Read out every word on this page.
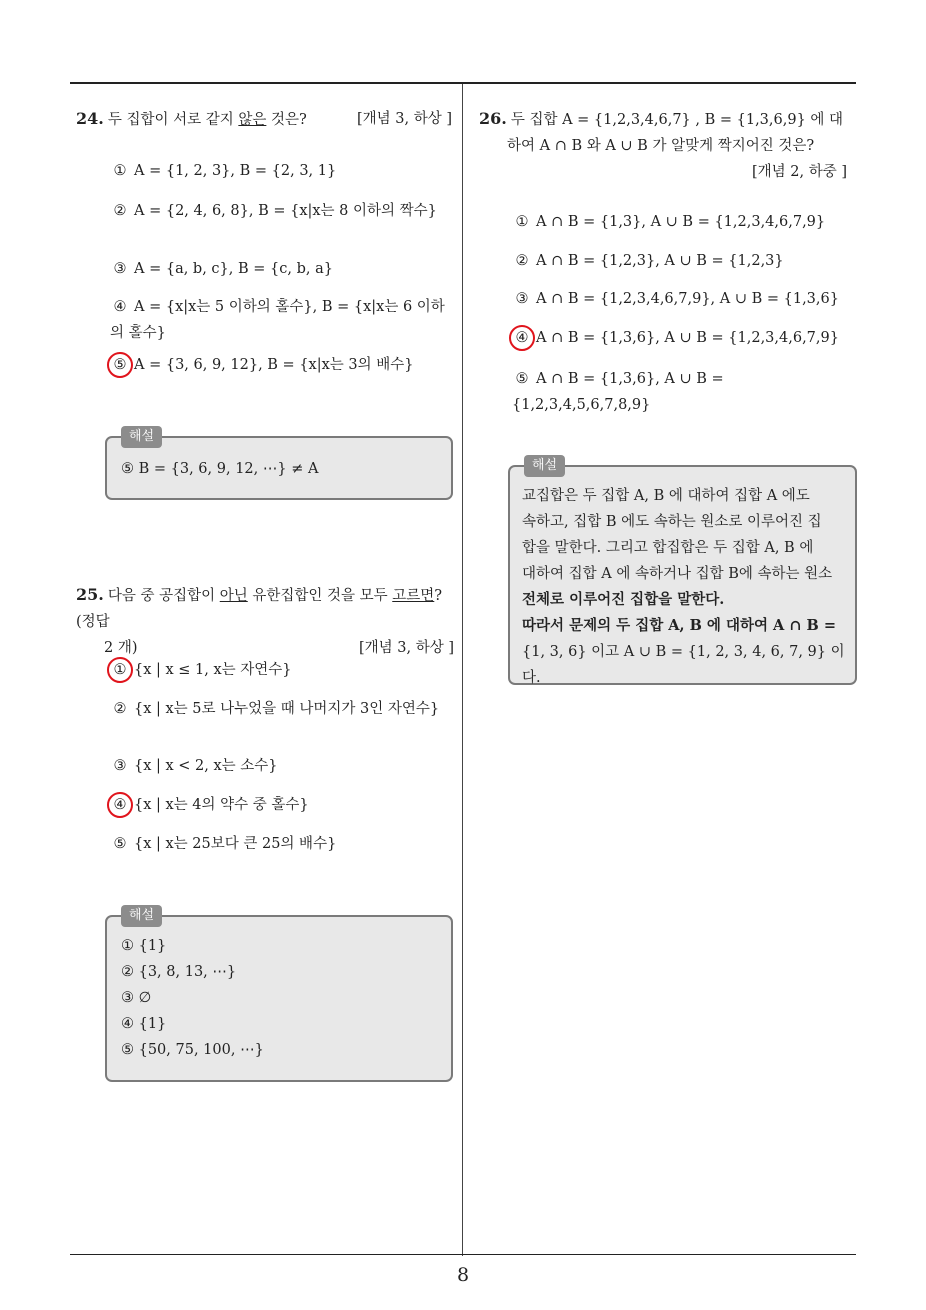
8
[개념 3, 하상 ]
24. 두 집합이 서로 같지 않은 것은?
① A = {1, 2, 3}, B = {2, 3, 1}
② A = {2, 4, 6, 8}, B = {x|x는 8 이하의 짝수}
③ A = {a, b, c}, B = {c, b, a}
④ A = {x|x는 5 이하의 홀수}, B = {x|x는 6 이하의 홀수}
⑤ A = {3, 6, 9, 12}, B = {x|x는 3의 배수}
해설
⑤ B = {3, 6, 9, 12, ⋯} ≠ A
25. 다음 중 공집합이 아닌 유한집합인 것을 모두 고르면? (정답
[개념 3, 하상 ]
2 개)
① {x | x ≤ 1, x는 자연수}
② {x | x는 5로 나누었을 때 나머지가 3인 자연수}
③ {x | x < 2, x는 소수}
④ {x | x는 4의 약수 중 홀수}
⑤ {x | x는 25보다 큰 25의 배수}
해설
① {1}
② {3, 8, 13, ⋯}
③ ∅
④ {1}
⑤ {50, 75, 100, ⋯}
26. 두 집합 A = {1,2,3,4,6,7} , B = {1,3,6,9} 에 대
하여 A ∩ B 와 A ∪ B 가 알맞게 짝지어진 것은?
[개념 2, 하중 ]
① A ∩ B = {1,3}, A ∪ B = {1,2,3,4,6,7,9}
② A ∩ B = {1,2,3}, A ∪ B = {1,2,3}
③ A ∩ B = {1,2,3,4,6,7,9}, A ∪ B = {1,3,6}
④ A ∩ B = {1,3,6}, A ∪ B = {1,2,3,4,6,7,9}
⑤ A ∩ B = {1,3,6}, A ∪ B = {1,2,3,4,5,6,7,8,9}
해설
교집합은 두 집합 A, B 에 대하여 집합 A 에도
속하고, 집합 B 에도 속하는 원소로 이루어진 집
합을 말한다. 그리고 합집합은 두 집합 A, B 에
대하여 집합 A 에 속하거나 집합 B에 속하는 원소
전체로 이루어진 집합을 말한다.
따라서 문제의 두 집합 A, B 에 대하여 A ∩ B =
{1, 3, 6} 이고 A ∪ B = {1, 2, 3, 4, 6, 7, 9} 이다.
